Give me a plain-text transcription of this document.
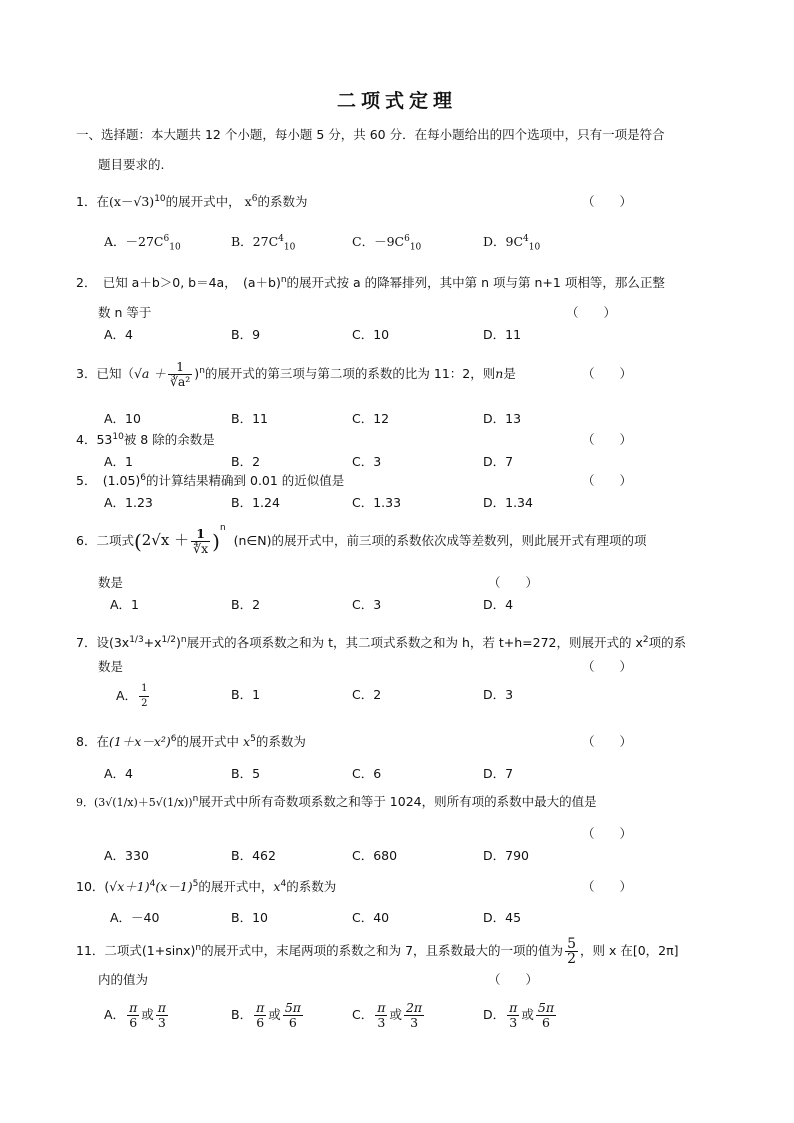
二项式定理
一、选择题：本大题共 12 个小题，每小题 5 分，共 60 分．在每小题给出的四个选项中，只有一项是符合
题目要求的.
1．在$(x-√3)^{10}$的展开式中， $x^6$的系数为	（　　）
A．$-27C^6_{10}$	B．$27C^4_{10}$	C．$-9C^6_{10}$	D．$9C^4_{10}$
2．　已知 a＋b＞0, b＝4a，　$(a+b)^n$的展开式按 a 的降幂排列，其中第 n 项与第 n+1 项相等，那么正整
数 n 等于	（　　）
A．4	B．9	C．10	D．11
3．已知$(√a + \frac{1}{\text{∛a²}} )^n$的展开式的第三项与第二项的系数的比为 11：2，则n是	（　　）
A．10	B．11	C．12	D．13
4．$53^{10}$被 8 除的余数是	（　　）
A．1	B．2	C．3	D．7
5．　$(1.05)^6$的计算结果精确到 0.01 的近似值是	（　　）
A．1.23	B．1.24	C．1.33	D．1.34
6．二项式$(2√x + \frac{1}{∜x} )^n$  (n∈N)的展开式中，前三项的系数依次成等差数列，则此展开式有理项的项
数是	（　　）
A．1	B．2	C．3	D．4
7．设$(3x^{1/3}+x^{1/2})^n$展开式的各项系数之和为 t，其二项式系数之和为 h，若 t+h=272，则展开式的 $x^2$项的系
数是	（　　）
A． $\frac{1}{2}$	B．1	C．2	D．3
8．在$(1+x-x^2)^6$的展开式中 $x^5$的系数为	（　　）
A．4	B．5	C．6	D．7
9．$(3√(1/x)+5√(1/x))^n$展开式中所有奇数项系数之和等于 1024，则所有项的系数中最大的值是
（　　）
A．330	B．462	C．680	D．790
10．$(√x+1)^4(x-1)^5$的展开式中，$x^4$的系数为	（　　）
A．－40	B．10	C．40	D．45
11．二项式$(1+\sin x)^n$的展开式中，末尾两项的系数之和为 7，且系数最大的一项的值为 $\frac{5}{2}$ ，则 x 在[0，2π]
内的值为	（　　）
A． $\frac{\pi}{6}$ 或 $\frac{\pi}{3}$	B． $\frac{\pi}{6}$ 或 $\frac{5\pi}{6}$	C． $\frac{\pi}{3}$ 或 $\frac{2\pi}{3}$	D． $\frac{\pi}{3}$ 或 $\frac{5\pi}{6}$
